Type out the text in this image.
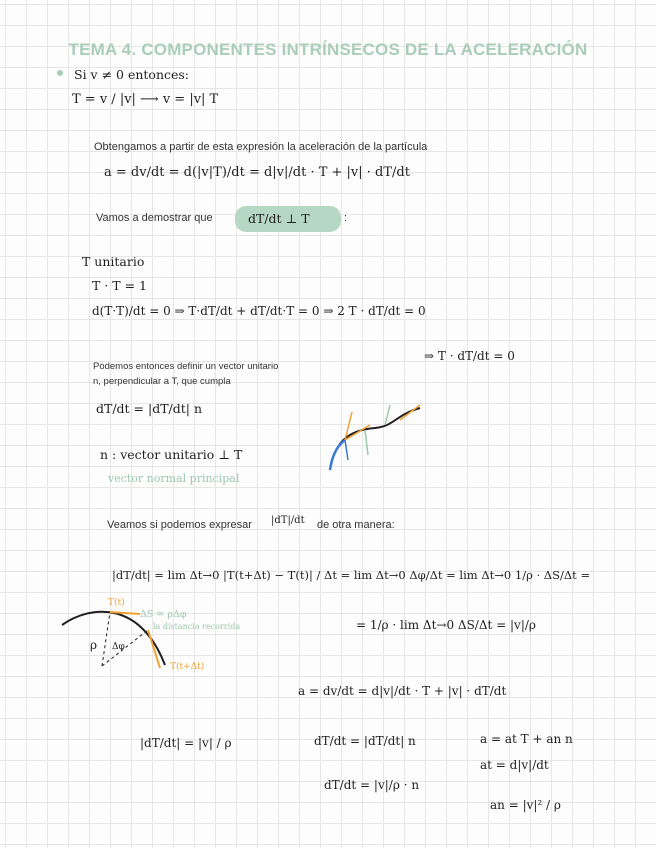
TEMA 4. COMPONENTES INTRÍNSECOS DE LA ACELERACIÓN
Si v ≠ 0 entonces:
T = v / |v| ⟶ v = |v| T
Obtengamos a partir de esta expresión la aceleración de la partícula
a = dv/dt = d(|v|T)/dt = d|v|/dt · T + |v| · dT/dt
Vamos a demostrar que	dT/dt ⊥ T	:
T unitario
T · T = 1
d(T·T)/dt = 0 ⇒ T·dT/dt + dT/dt·T = 0 ⇒ 2 T · dT/dt = 0
⇒ T · dT/dt = 0
Podemos entonces definir un vector unitario
n, perpendicular a T, que cumpla
dT/dt = |dT/dt| n
n : vector unitario ⊥ T
vector normal principal
Veamos si podemos expresar |dT|/dt de otra manera:
|dT/dt| = lim Δt→0 |T(t+Δt) − T(t)| / Δt = lim Δt→0 Δφ/Δt = lim Δt→0 1/ρ · ΔS/Δt =
= 1/ρ · lim Δt→0 ΔS/Δt = |v|/ρ
T(t)
T(t+Δt)
ΔS = ρΔφ
la distancia recorrida
ρ Δφ
a = dv/dt = d|v|/dt · T + |v| · dT/dt
|dT/dt| = |v| / ρ	dT/dt = |dT/dt| n
dT/dt = |v|/ρ · n
a = at T + an n
at = d|v|/dt
an = |v|² / ρ
